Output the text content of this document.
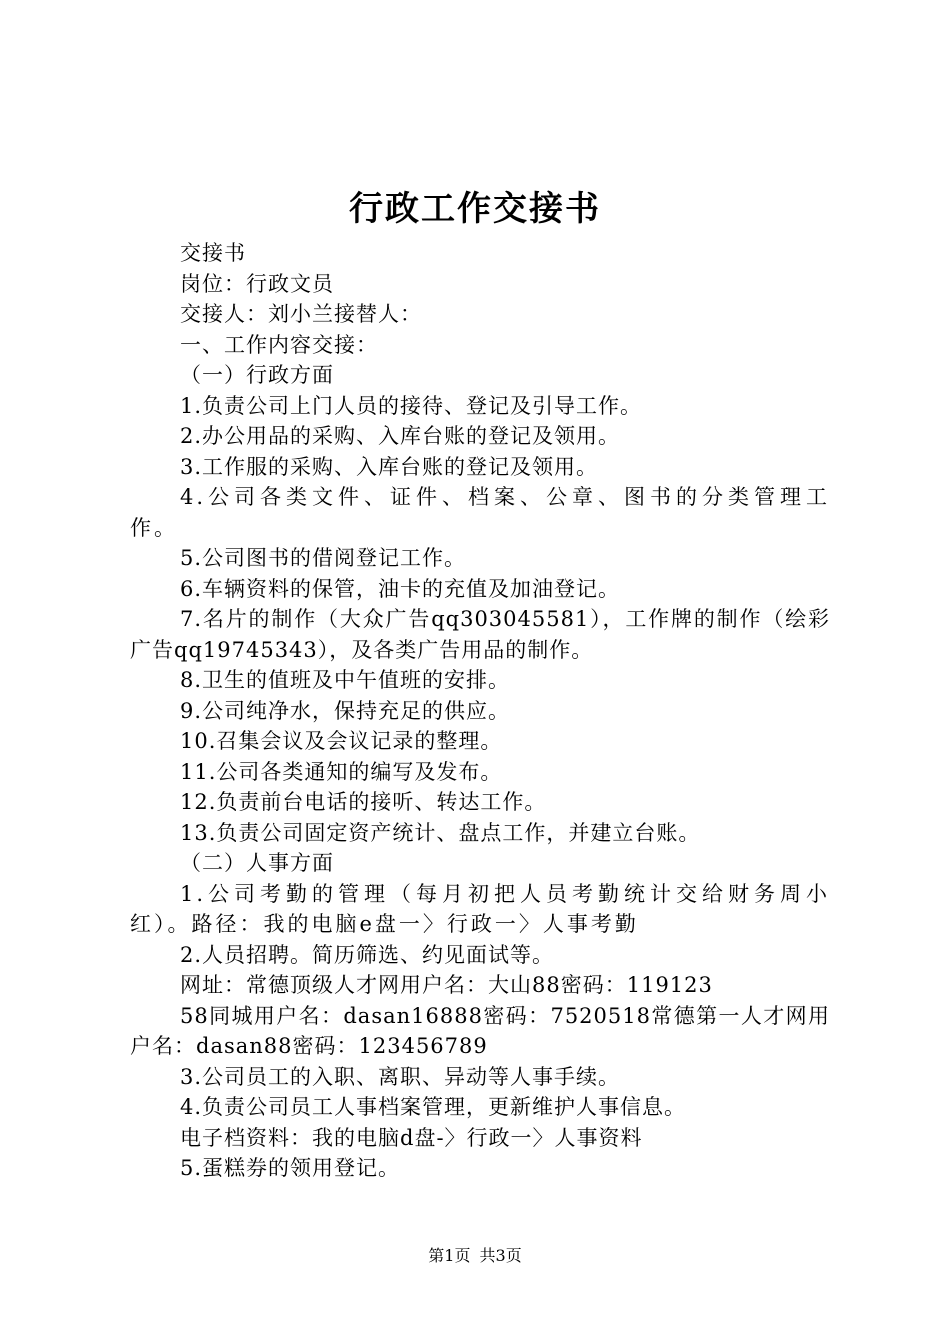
行政工作交接书

交接书

岗位：行政文员

交接人：刘小兰接替人：

一、工作内容交接：

（一）行政方面

1.负责公司上门人员的接待、登记及引导工作。

2.办公用品的采购、入库台账的登记及领用。

3.工作服的采购、入库台账的登记及领用。

4.公司各类文件、证件、档案、公章、图书的分类管理工作。

5.公司图书的借阅登记工作。

6.车辆资料的保管，油卡的充值及加油登记。

7.名片的制作（大众广告qq303045581），工作牌的制作（绘彩广告qq19745343），及各类广告用品的制作。

8.卫生的值班及中午值班的安排。

9.公司纯净水，保持充足的供应。

10.召集会议及会议记录的整理。

11.公司各类通知的编写及发布。

12.负责前台电话的接听、转达工作。

13.负责公司固定资产统计、盘点工作，并建立台账。

（二）人事方面

1.公司考勤的管理（每月初把人员考勤统计交给财务周小红）。路径：我的电脑e盘一〉行政一〉人事考勤

2.人员招聘。简历筛选、约见面试等。

网址：常德顶级人才网用户名：大山88密码：119123

58同城用户名：dasan16888密码：7520518常德第一人才网用户名：dasan88密码：123456789

3.公司员工的入职、离职、异动等人事手续。

4.负责公司员工人事档案管理，更新维护人事信息。

电子档资料：我的电脑d盘-〉行政一〉人事资料

5.蛋糕券的领用登记。

第1页 共3页
